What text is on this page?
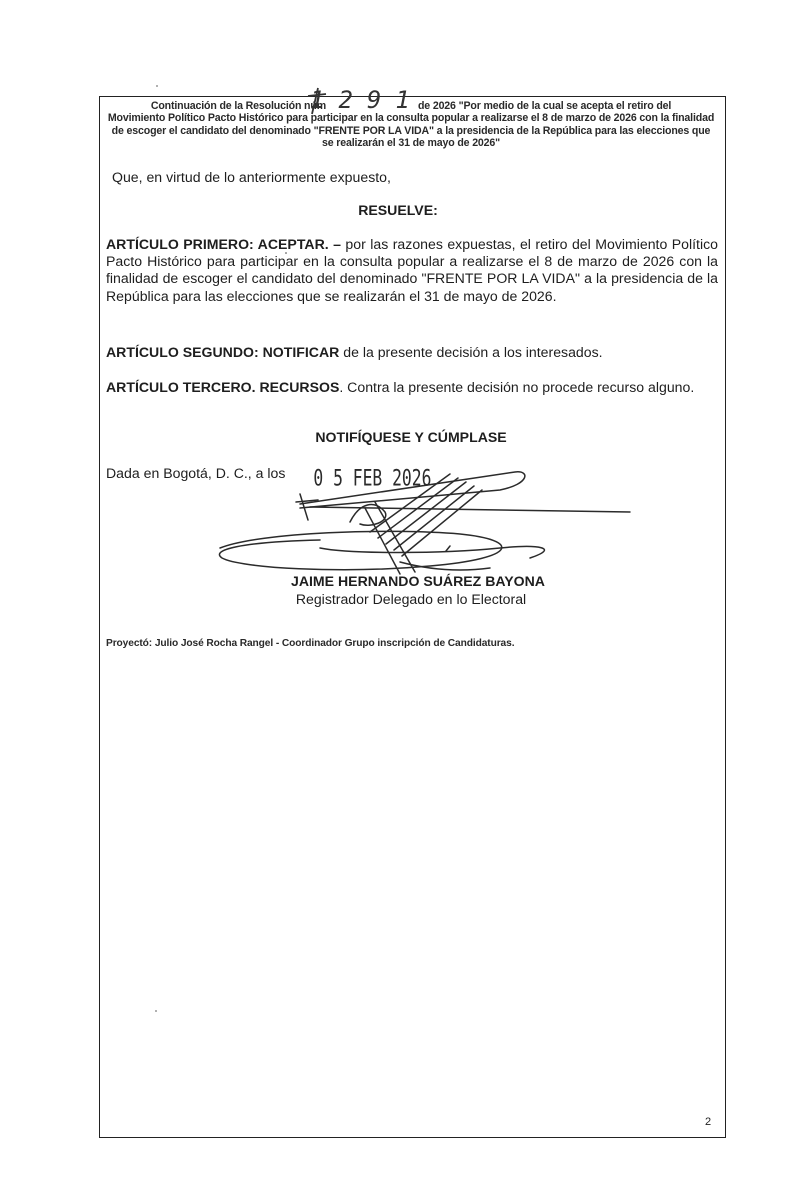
Continuación de la Resolución núm	de 2026 "Por medio de la cual se acepta el retiro del
Movimiento Político Pacto Histórico para participar en la consulta popular a realizarse el 8 de marzo de 2026 con la finalidad
de escoger el candidato del denominado "FRENTE POR LA VIDA" a la presidencia de la República para las elecciones que
se realizarán el 31 de mayo de 2026"
1291
Que, en virtud de lo anteriormente expuesto,
RESUELVE:
ARTÍCULO PRIMERO: ACEPTAR. – por las razones expuestas, el retiro del Movimiento Político Pacto Histórico para participar en la consulta popular a realizarse el 8 de marzo de 2026 con la finalidad de escoger el candidato del denominado "FRENTE POR LA VIDA" a la presidencia de la República para las elecciones que se realizarán el 31 de mayo de 2026.
ARTÍCULO SEGUNDO: NOTIFICAR de la presente decisión a los interesados.
ARTÍCULO TERCERO. RECURSOS. Contra la presente decisión no procede recurso alguno.
NOTIFÍQUESE Y CÚMPLASE
Dada en Bogotá, D. C., a los	0 5 FEB 2026
JAIME HERNANDO SUÁREZ BAYONA
Registrador Delegado en lo Electoral
Proyectó: Julio José Rocha Rangel - Coordinador Grupo inscripción de Candidaturas.
2
